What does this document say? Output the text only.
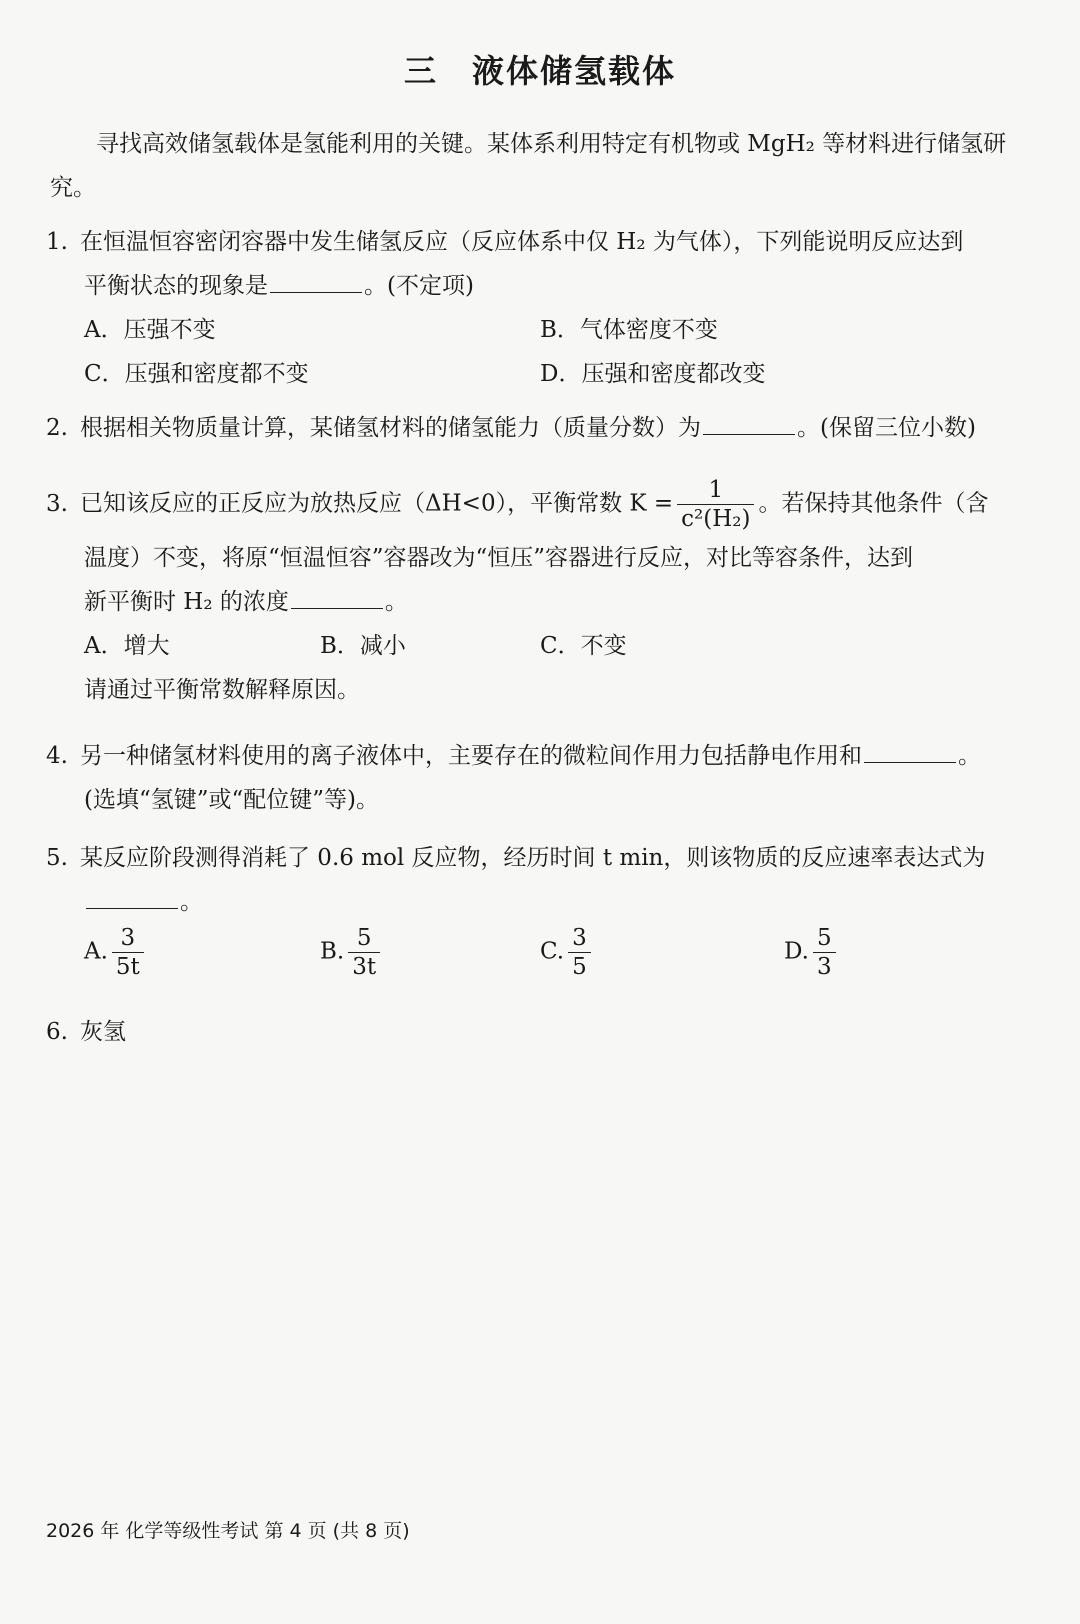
三 液体储氢载体
寻找高效储氢载体是氢能利用的关键。某体系利用特定有机物或 MgH₂ 等材料进行储氢研究。
1. 在恒温恒容密闭容器中发生储氢反应（反应体系中仅 H₂ 为气体），下列能说明反应达到
平衡状态的现象是	。(不定项)
A．压强不变	B．气体密度不变
C．压强和密度都不变	D．压强和密度都改变
2. 根据相关物质量计算，某储氢材料的储氢能力（质量分数）为	。(保留三位小数)
3. 已知该反应的正反应为放热反应（ΔH<0），平衡常数 $K = \frac{1}{\text{c²(H₂)}}$ 。若保持其他条件（含
温度）不变，将原“恒温恒容”容器改为“恒压”容器进行反应，对比等容条件，达到
新平衡时 H₂ 的浓度	。
A．增大	B．减小	C．不变
请通过平衡常数解释原因。
4. 另一种储氢材料使用的离子液体中，主要存在的微粒间作用力包括静电作用和	。
(选填“氢键”或“配位键”等)。
5. 某反应阶段测得消耗了 0.6 mol 反应物，经历时间 t min，则该物质的反应速率表达式为
。
A. $\frac{3}{5t}$	B. $\frac{5}{3t}$	C. $\frac{3}{5}$	D. $\frac{5}{3}$
6. 灰氢
2026 年 化学等级性考试 第 4 页 (共 8 页)
